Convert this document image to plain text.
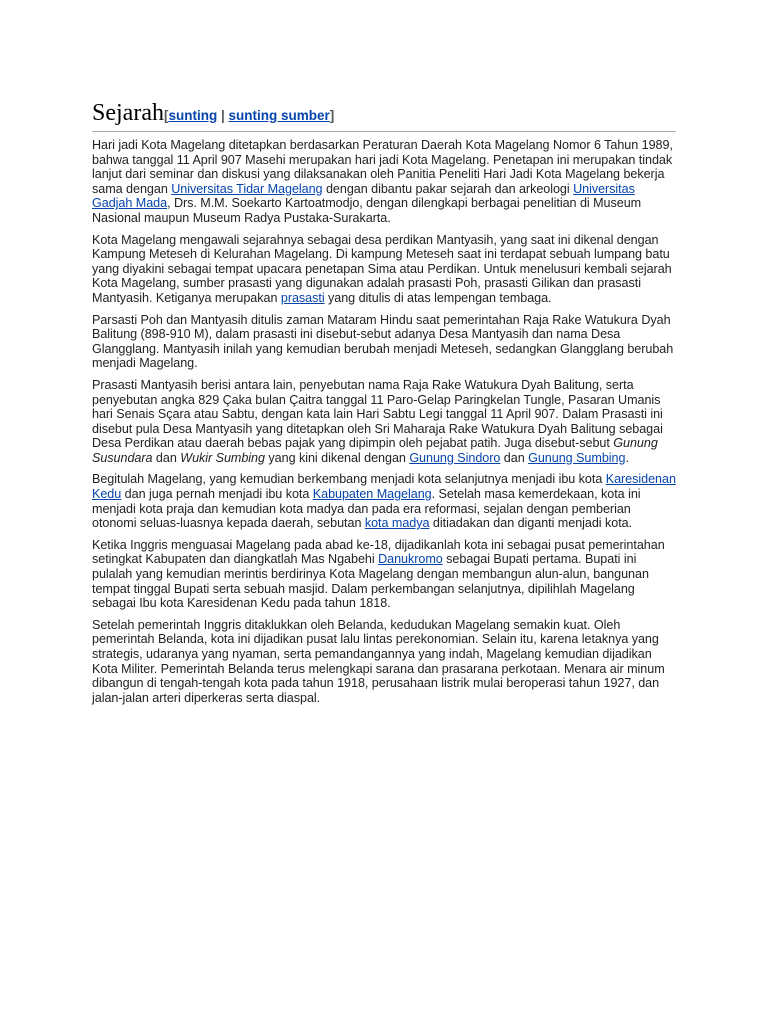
Sejarah[sunting | sunting sumber]

Hari jadi Kota Magelang ditetapkan berdasarkan Peraturan Daerah Kota Magelang Nomor 6 Tahun 1989, bahwa tanggal 11 April 907 Masehi merupakan hari jadi Kota Magelang. Penetapan ini merupakan tindak lanjut dari seminar dan diskusi yang dilaksanakan oleh Panitia Peneliti Hari Jadi Kota Magelang bekerja sama dengan Universitas Tidar Magelang dengan dibantu pakar sejarah dan arkeologi Universitas Gadjah Mada, Drs. M.M. Soekarto Kartoatmodjo, dengan dilengkapi berbagai penelitian di Museum Nasional maupun Museum Radya Pustaka-Surakarta.

Kota Magelang mengawali sejarahnya sebagai desa perdikan Mantyasih, yang saat ini dikenal dengan Kampung Meteseh di Kelurahan Magelang. Di kampung Meteseh saat ini terdapat sebuah lumpang batu yang diyakini sebagai tempat upacara penetapan Sima atau Perdikan. Untuk menelusuri kembali sejarah Kota Magelang, sumber prasasti yang digunakan adalah prasasti Poh, prasasti Gilikan dan prasasti Mantyasih. Ketiganya merupakan prasasti yang ditulis di atas lempengan tembaga.

Parsasti Poh dan Mantyasih ditulis zaman Mataram Hindu saat pemerintahan Raja Rake Watukura Dyah Balitung (898-910 M), dalam prasasti ini disebut-sebut adanya Desa Mantyasih dan nama Desa Glangglang. Mantyasih inilah yang kemudian berubah menjadi Meteseh, sedangkan Glangglang berubah menjadi Magelang.

Prasasti Mantyasih berisi antara lain, penyebutan nama Raja Rake Watukura Dyah Balitung, serta penyebutan angka 829 Çaka bulan Çaitra tanggal 11 Paro-Gelap Paringkelan Tungle, Pasaran Umanis hari Senais Sçara atau Sabtu, dengan kata lain Hari Sabtu Legi tanggal 11 April 907. Dalam Prasasti ini disebut pula Desa Mantyasih yang ditetapkan oleh Sri Maharaja Rake Watukura Dyah Balitung sebagai Desa Perdikan atau daerah bebas pajak yang dipimpin oleh pejabat patih. Juga disebut-sebut Gunung Susundara dan Wukir Sumbing yang kini dikenal dengan Gunung Sindoro dan Gunung Sumbing.

Begitulah Magelang, yang kemudian berkembang menjadi kota selanjutnya menjadi ibu kota Karesidenan Kedu dan juga pernah menjadi ibu kota Kabupaten Magelang. Setelah masa kemerdekaan, kota ini menjadi kota praja dan kemudian kota madya dan pada era reformasi, sejalan dengan pemberian otonomi seluas-luasnya kepada daerah, sebutan kota madya ditiadakan dan diganti menjadi kota.

Ketika Inggris menguasai Magelang pada abad ke-18, dijadikanlah kota ini sebagai pusat pemerintahan setingkat Kabupaten dan diangkatlah Mas Ngabehi Danukromo sebagai Bupati pertama. Bupati ini pulalah yang kemudian merintis berdirinya Kota Magelang dengan membangun alun-alun, bangunan tempat tinggal Bupati serta sebuah masjid. Dalam perkembangan selanjutnya, dipilihlah Magelang sebagai Ibu kota Karesidenan Kedu pada tahun 1818.

Setelah pemerintah Inggris ditaklukkan oleh Belanda, kedudukan Magelang semakin kuat. Oleh pemerintah Belanda, kota ini dijadikan pusat lalu lintas perekonomian. Selain itu, karena letaknya yang strategis, udaranya yang nyaman, serta pemandangannya yang indah, Magelang kemudian dijadikan Kota Militer. Pemerintah Belanda terus melengkapi sarana dan prasarana perkotaan. Menara air minum dibangun di tengah-tengah kota pada tahun 1918, perusahaan listrik mulai beroperasi tahun 1927, dan jalan-jalan arteri diperkeras serta diaspal.
